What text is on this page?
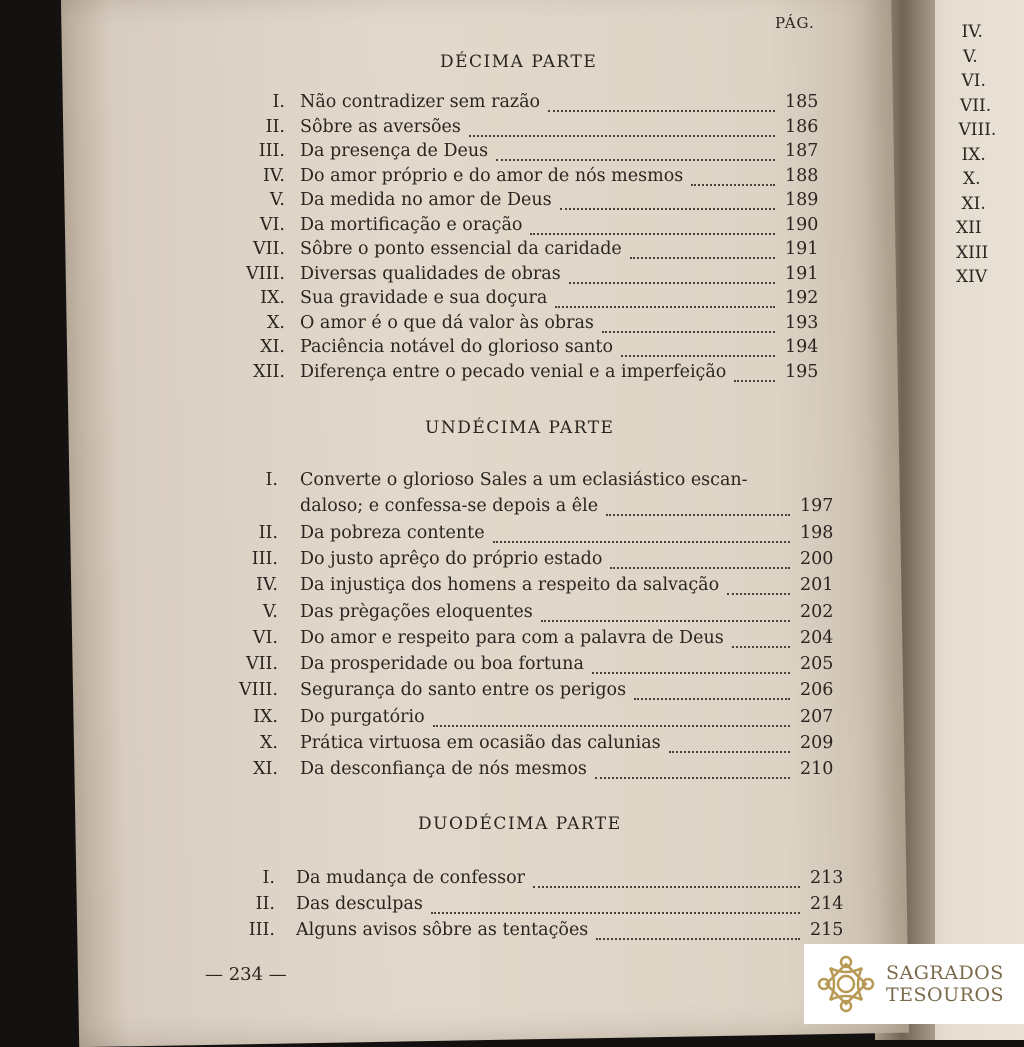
IV.
V.
VI.
VII.
VIII.
IX.
X.
XI.
XII
XIII
XIV
PÁG.
DÉCIMA PARTE
I. Não contradizer sem razão	185
II. Sôbre as aversões	186
III. Da presença de Deus	187
IV. Do amor próprio e do amor de nós mesmos	188
V. Da medida no amor de Deus	189
VI. Da mortificação e oração	190
VII. Sôbre o ponto essencial da caridade	191
VIII. Diversas qualidades de obras	191
IX. Sua gravidade e sua doçura	192
X. O amor é o que dá valor às obras	193
XI. Paciência notável do glorioso santo	194
XII. Diferença entre o pecado venial e a imperfeição	195
UNDÉCIMA PARTE
I. Converte o glorioso Sales a um eclasiástico escan-
daloso; e confessa-se depois a êle	197
II. Da pobreza contente	198
III. Do justo aprêço do próprio estado	200
IV. Da injustiça dos homens a respeito da salvação	201
V. Das prègações eloquentes	202
VI. Do amor e respeito para com a palavra de Deus	204
VII. Da prosperidade ou boa fortuna	205
VIII. Segurança do santo entre os perigos	206
IX. Do purgatório	207
X. Prática virtuosa em ocasião das calunias	209
XI. Da desconfiança de nós mesmos	210
DUODÉCIMA PARTE
I. Da mudança de confessor	213
II. Das desculpas	214
III. Alguns avisos sôbre as tentações	215
— 234 —	SAGRADOS
TESOUROS
